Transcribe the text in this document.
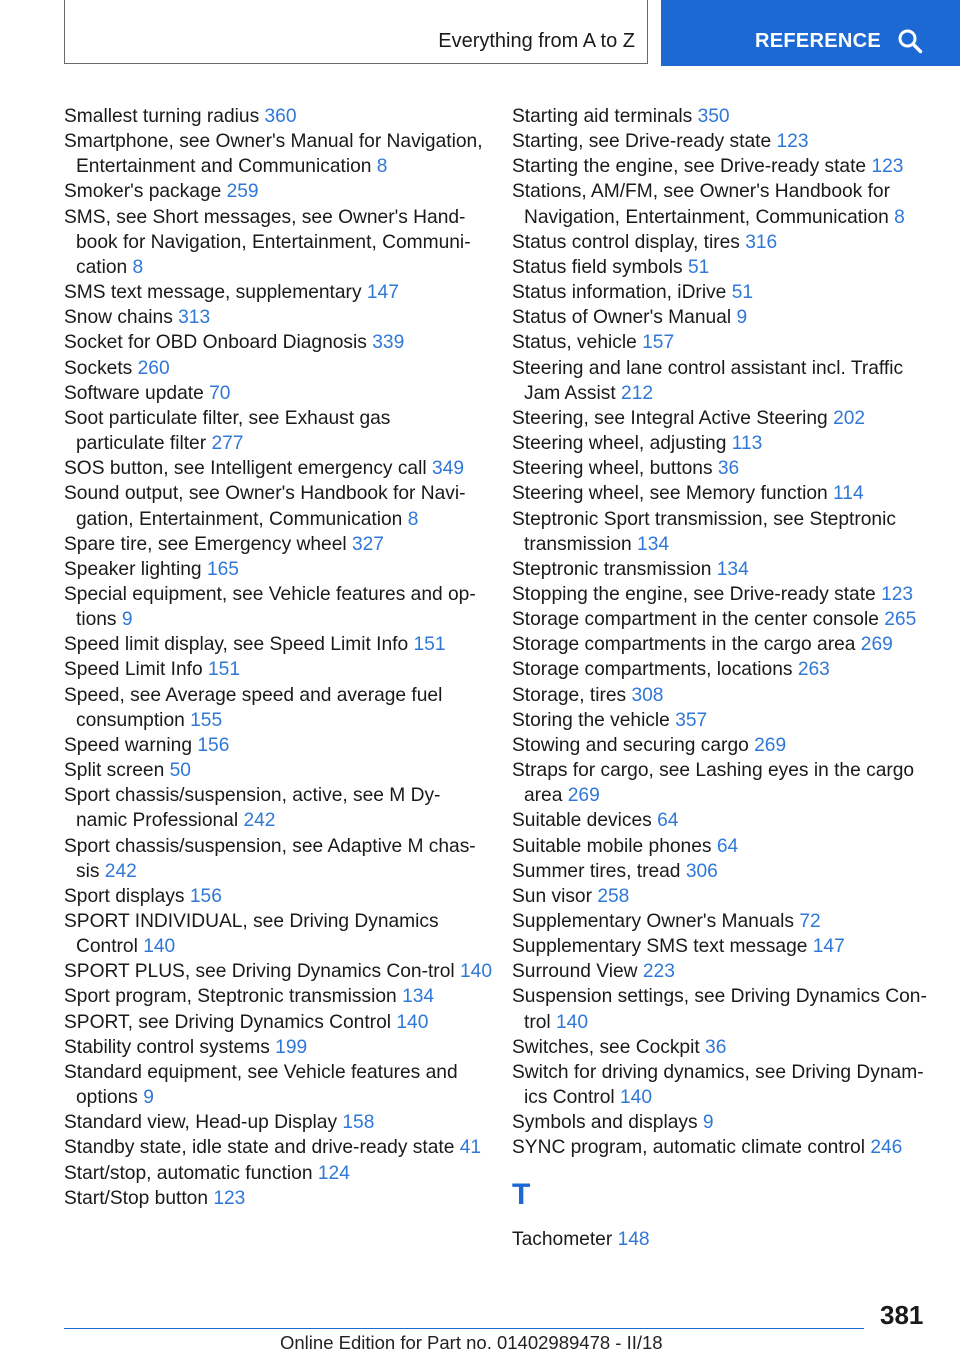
Everything from A to Z	REFERENCE
Smallest turning radius 360
Smartphone, see Owner's Manual for Navigation, Entertainment and Communication 8
Smoker's package 259
SMS, see Short messages, see Owner's Hand-book for Navigation, Entertainment, Communi-cation 8
SMS text message, supplementary 147
Snow chains 313
Socket for OBD Onboard Diagnosis 339
Sockets 260
Software update 70
Soot particulate filter, see Exhaust gas particulate filter 277
SOS button, see Intelligent emergency call 349
Sound output, see Owner's Handbook for Navi-gation, Entertainment, Communication 8
Spare tire, see Emergency wheel 327
Speaker lighting 165
Special equipment, see Vehicle features and op-tions 9
Speed limit display, see Speed Limit Info 151
Speed Limit Info 151
Speed, see Average speed and average fuel consumption 155
Speed warning 156
Split screen 50
Sport chassis/suspension, active, see M Dy-namic Professional 242
Sport chassis/suspension, see Adaptive M chas-sis 242
Sport displays 156
SPORT INDIVIDUAL, see Driving Dynamics Control 140
SPORT PLUS, see Driving Dynamics Con-trol 140
Sport program, Steptronic transmission 134
SPORT, see Driving Dynamics Control 140
Stability control systems 199
Standard equipment, see Vehicle features and options 9
Standard view, Head-up Display 158
Standby state, idle state and drive-ready state 41
Start/stop, automatic function 124
Start/Stop button 123
Starting aid terminals 350
Starting, see Drive-ready state 123
Starting the engine, see Drive-ready state 123
Stations, AM/FM, see Owner's Handbook for Navigation, Entertainment, Communication 8
Status control display, tires 316
Status field symbols 51
Status information, iDrive 51
Status of Owner's Manual 9
Status, vehicle 157
Steering and lane control assistant incl. Traffic Jam Assist 212
Steering, see Integral Active Steering 202
Steering wheel, adjusting 113
Steering wheel, buttons 36
Steering wheel, see Memory function 114
Steptronic Sport transmission, see Steptronic transmission 134
Steptronic transmission 134
Stopping the engine, see Drive-ready state 123
Storage compartment in the center console 265
Storage compartments in the cargo area 269
Storage compartments, locations 263
Storage, tires 308
Storing the vehicle 357
Stowing and securing cargo 269
Straps for cargo, see Lashing eyes in the cargo area 269
Suitable devices 64
Suitable mobile phones 64
Summer tires, tread 306
Sun visor 258
Supplementary Owner's Manuals 72
Supplementary SMS text message 147
Surround View 223
Suspension settings, see Driving Dynamics Con-trol 140
Switches, see Cockpit 36
Switch for driving dynamics, see Driving Dynam-ics Control 140
Symbols and displays 9
SYNC program, automatic climate control 246
T
Tachometer 148
381
Online Edition for Part no. 01402989478 - II/18
